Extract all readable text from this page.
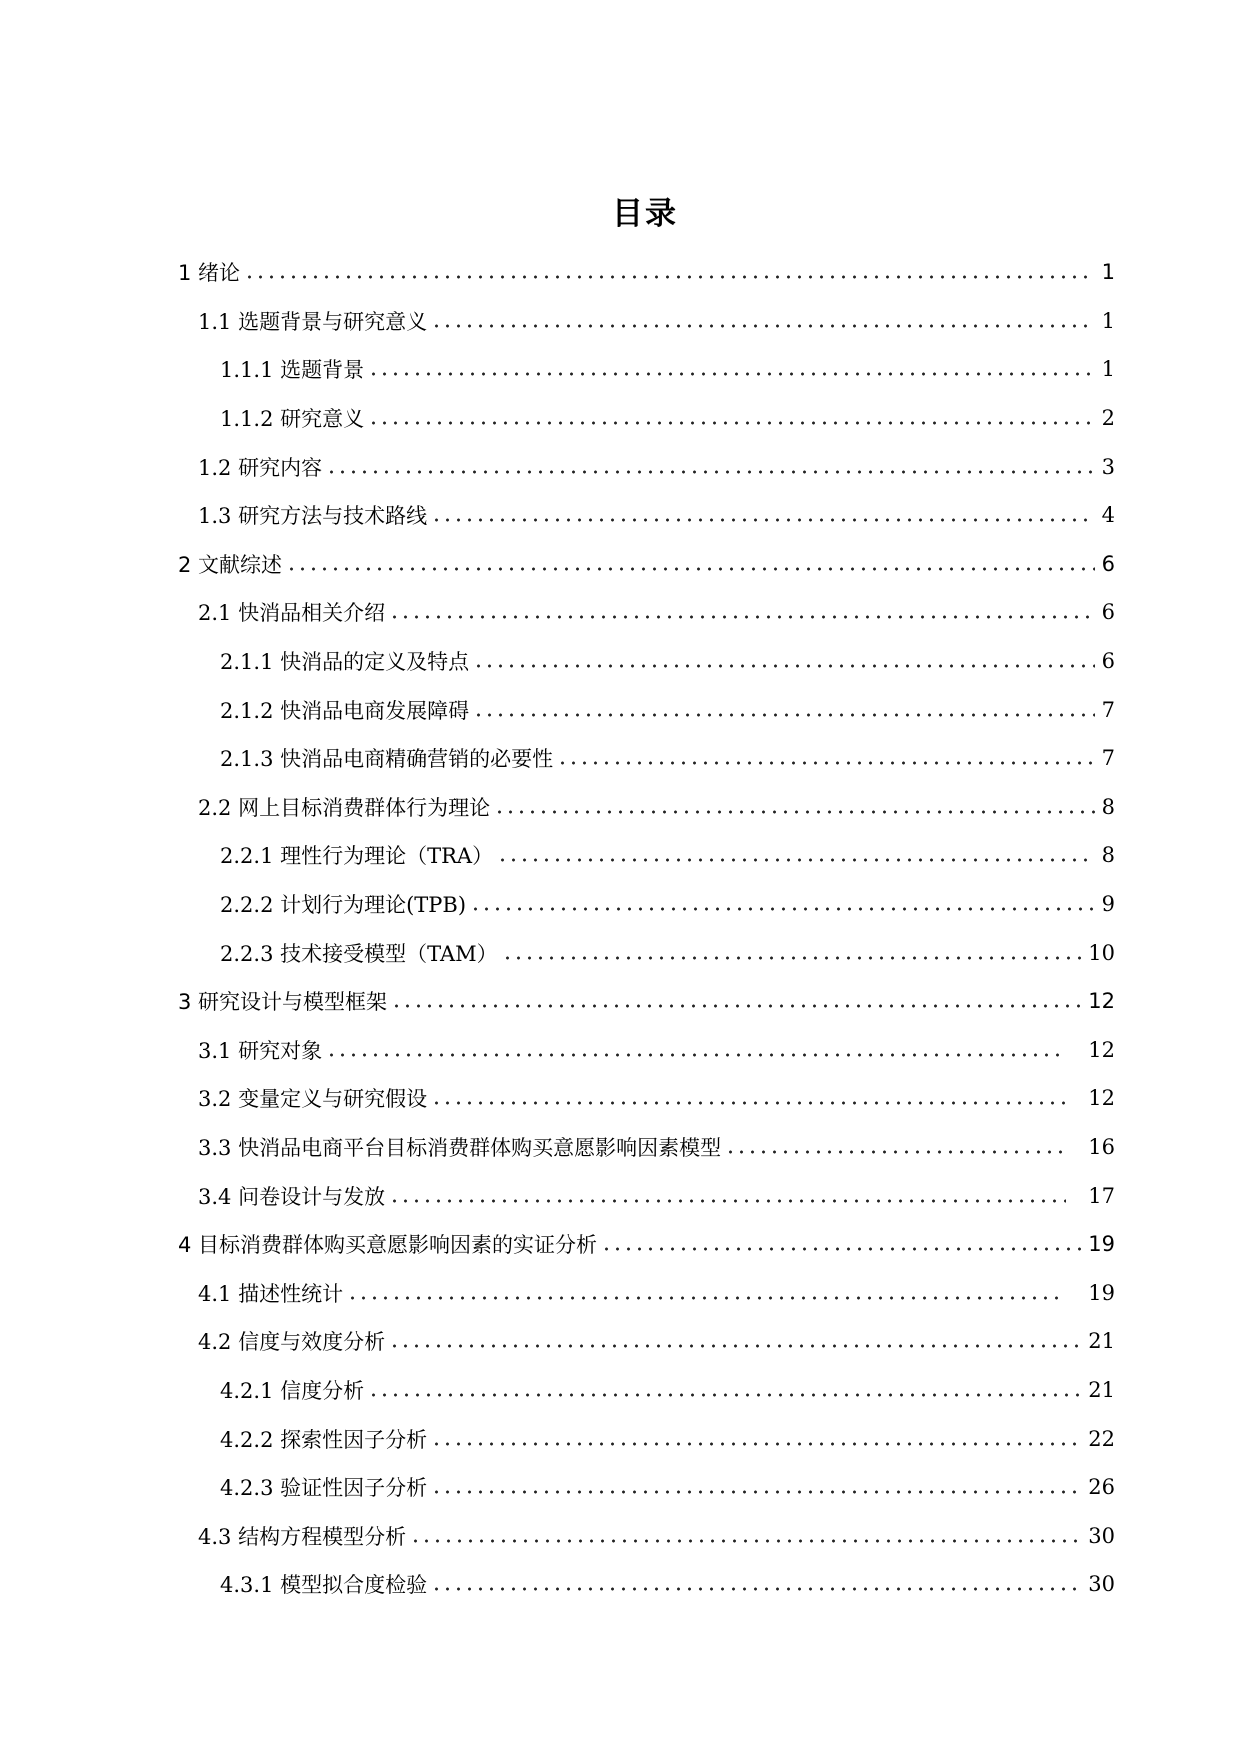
目录
1 绪论	1
1.1 选题背景与研究意义	1
1.1.1 选题背景	1
1.1.2 研究意义	2
1.2 研究内容	3
1.3 研究方法与技术路线	4
2 文献综述	6
2.1 快消品相关介绍	6
2.1.1 快消品的定义及特点	6
2.1.2 快消品电商发展障碍	7
2.1.3 快消品电商精确营销的必要性	7
2.2 网上目标消费群体行为理论	8
2.2.1 理性行为理论（TRA）	8
2.2.2 计划行为理论(TPB)	9
2.2.3 技术接受模型（TAM）	10
3 研究设计与模型框架	12
3.1 研究对象	12
3.2 变量定义与研究假设	12
3.3 快消品电商平台目标消费群体购买意愿影响因素模型	16
3.4 问卷设计与发放	17
4 目标消费群体购买意愿影响因素的实证分析	19
4.1 描述性统计	19
4.2 信度与效度分析	21
4.2.1 信度分析	21
4.2.2 探索性因子分析	22
4.2.3 验证性因子分析	26
4.3 结构方程模型分析	30
4.3.1 模型拟合度检验	30
